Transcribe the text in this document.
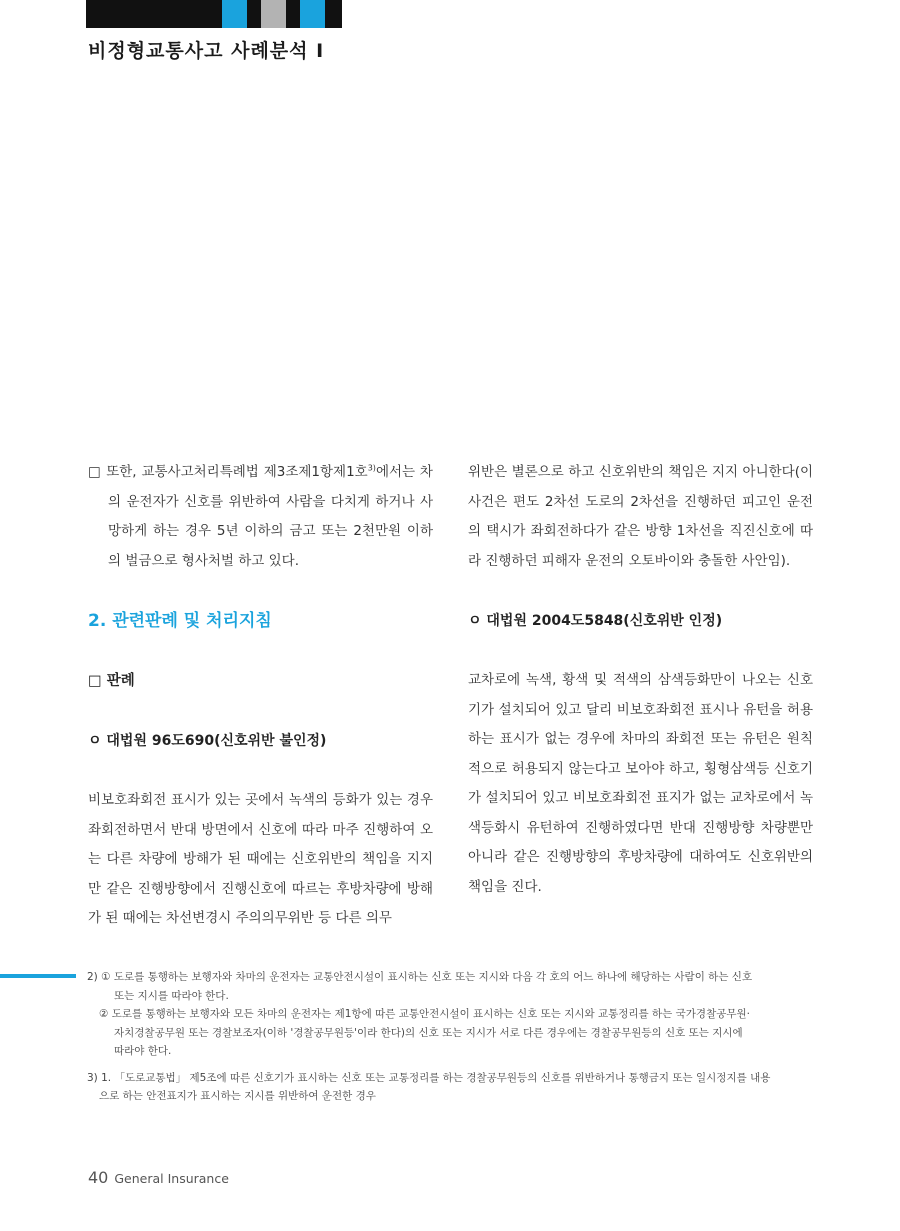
비정형교통사고 사례분석 I

□ 또한, 교통사고처리특례법 제3조제1항제1호$^{3)}$에서는 차의 운전자가 신호를 위반하여 사람을 다치게 하거나 사망하게 하는 경우 5년 이하의 금고 또는 2천만원 이하의 벌금으로 형사처벌 하고 있다.

2. 관련판례 및 처리지침

□ 판례

ㅇ 대법원 96도690(신호위반 불인정)

비보호좌회전 표시가 있는 곳에서 녹색의 등화가 있는 경우 좌회전하면서 반대 방면에서 신호에 따라 마주 진행하여 오는 다른 차량에 방해가 된 때에는 신호위반의 책임을 지지만 같은 진행방향에서 진행신호에 따르는 후방차량에 방해가 된 때에는 차선변경시 주의의무위반 등 다른 의무

위반은 별론으로 하고 신호위반의 책임은 지지 아니한다(이 사건은 편도 2차선 도로의 2차선을 진행하던 피고인 운전의 택시가 좌회전하다가 같은 방향 1차선을 직진신호에 따라 진행하던 피해자 운전의 오토바이와 충돌한 사안임).

ㅇ 대법원 2004도5848(신호위반 인정)

교차로에 녹색, 황색 및 적색의 삼색등화만이 나오는 신호기가 설치되어 있고 달리 비보호좌회전 표시나 유턴을 허용하는 표시가 없는 경우에 차마의 좌회전 또는 유턴은 원칙적으로 허용되지 않는다고 보아야 하고, 횡형삼색등 신호기가 설치되어 있고 비보호좌회전 표지가 없는 교차로에서 녹색등화시 유턴하여 진행하였다면 반대 진행방향 차량뿐만 아니라 같은 진행방향의 후방차량에 대하여도 신호위반의 책임을 진다.

2) ① 도로를 통행하는 보행자와 차마의 운전자는 교통안전시설이 표시하는 신호 또는 지시와 다음 각 호의 어느 하나에 해당하는 사람이 하는 신호

또는 지시를 따라야 한다.

② 도로를 통행하는 보행자와 모든 차마의 운전자는 제1항에 따른 교통안전시설이 표시하는 신호 또는 지시와 교통정리를 하는 국가경찰공무원·

자치경찰공무원 또는 경찰보조자(이하 '경찰공무원등'이라 한다)의 신호 또는 지시가 서로 다른 경우에는 경찰공무원등의 신호 또는 지시에

따라야 한다.

3) 1. 「도로교통법」 제5조에 따른 신호기가 표시하는 신호 또는 교통정리를 하는 경찰공무원등의 신호를 위반하거나 통행금지 또는 일시정지를 내용

으로 하는 안전표지가 표시하는 지시를 위반하여 운전한 경우

40 General Insurance
